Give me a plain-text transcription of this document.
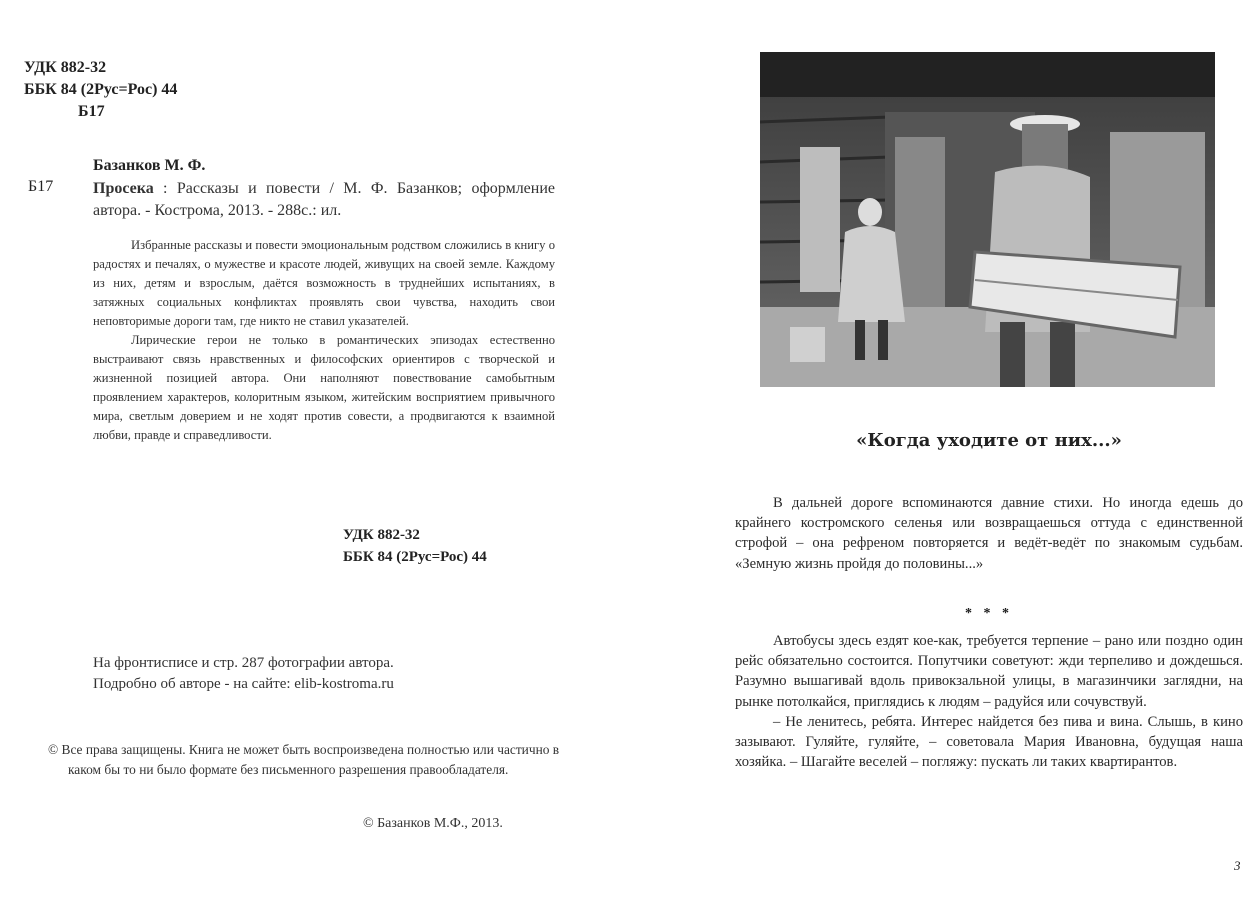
УДК 882-32
ББК 84 (2Рус=Рос) 44
Б17
Базанков М. Ф.
Б17 Просека : Рассказы и повести / М. Ф. Базанков; оформление автора. - Кострома, 2013. - 288с.: ил.

Избранные рассказы и повести эмоциональным родством сложились в книгу о радостях и печалях, о мужестве и красоте людей, живущих на своей земле. Каждому из них, детям и взрослым, даётся возможность в труднейших испытаниях, в затяжных социальных конфликтах проявлять свои чувства, находить свои неповторимые дороги там, где никто не ставил указателей.

Лирические герои не только в романтических эпизодах естественно выстраивают связь нравственных и философских ориентиров с творческой и жизненной позицией автора. Они наполняют повествование самобытным проявлением характеров, колоритным языком, житейским восприятием привычного мира, светлым доверием и не ходят против совести, а продвигаются к взаимной любви, правде и справедливости.

УДК 882-32
ББК 84 (2Рус=Рос) 44
На фронтисписе и стр. 287 фотографии автора.
Подробно об авторе - на сайте: elib-kostroma.ru
© Все права защищены. Книга не может быть воспроизведена полностью или частично в каком бы то ни было формате без письменного разрешения правообладателя.
© Базанков М.Ф., 2013.
«Когда уходите от них...»

В дальней дороге вспоминаются давние стихи. Но иногда едешь до крайнего костромского селенья или возвращаешься оттуда с единственной строфой – она рефреном повторяется и ведёт-ведёт по знакомым судьбам. «Земную жизнь пройдя до половины...»

* * *

Автобусы здесь ездят кое-как, требуется терпение – рано или поздно один рейс обязательно состоится. Попутчики советуют: жди терпеливо и дождешься. Разумно вышагивай вдоль привокзальной улицы, в магазинчики заглядни, на рынке потолкайся, приглядись к людям – радуйся или сочувствуй.

– Не ленитесь, ребята. Интерес найдется без пива и вина. Слышь, в кино зазывают. Гуляйте, гуляйте, – советовала Мария Ивановна, будущая наша хозяйка. – Шагайте веселей – погляжу: пускать ли таких квартирантов.

3
